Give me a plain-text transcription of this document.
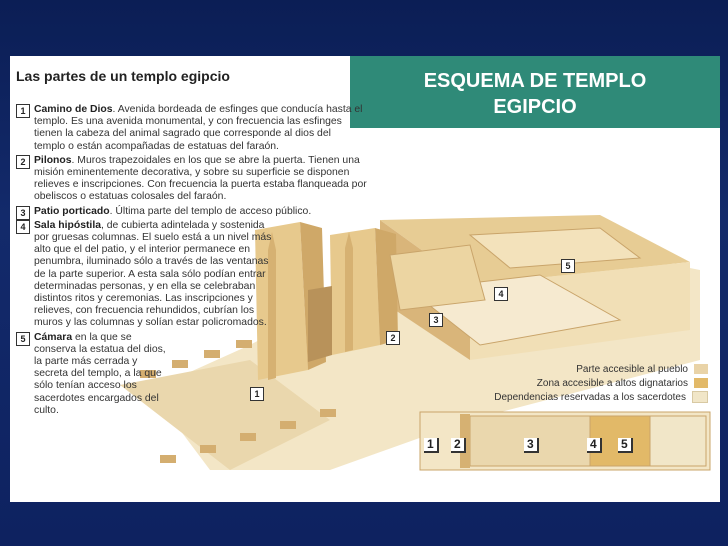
Las partes de un templo egipcio	ESQUEMA DE TEMPLO
EGIPCIO
1
2
3
4
5
1	2	3	4	5
1 Camino de Dios. Avenida bordeada de esfinges que conducía hasta el templo. Es una avenida monumental, y con frecuencia las esfinges tienen la cabeza del animal sagrado que corresponde al dios del templo o están acompañadas de estatuas del faraón.
2 Pilonos. Muros trapezoidales en los que se abre la puerta. Tienen una misión eminentemente decorativa, y sobre su superficie se disponen relieves e inscripciones. Con frecuencia la puerta estaba flanqueada por obeliscos o estatuas colosales del faraón.
3 Patio porticado. Última parte del templo de acceso público.
4 Sala hipóstila, de cubierta adintelada y sostenida por gruesas columnas. El suelo está a un nivel más alto que el del patio, y el interior permanece en penumbra, iluminado sólo a través de las ventanas de la parte superior. A esta sala sólo podían entrar determinadas personas, y en ella se celebraban distintos ritos y ceremonias. Las inscripciones y relieves, con frecuencia rehundidos, cubrían los muros y las columnas y solían estar policromados.
5 Cámara en la que se conserva la estatua del dios, la parte más cerrada y secreta del templo, a la que sólo tenían acceso los sacerdotes encargados del culto.
Parte accesible al pueblo
Zona accesible a altos dignatarios
Dependencias reservadas a los sacerdotes
